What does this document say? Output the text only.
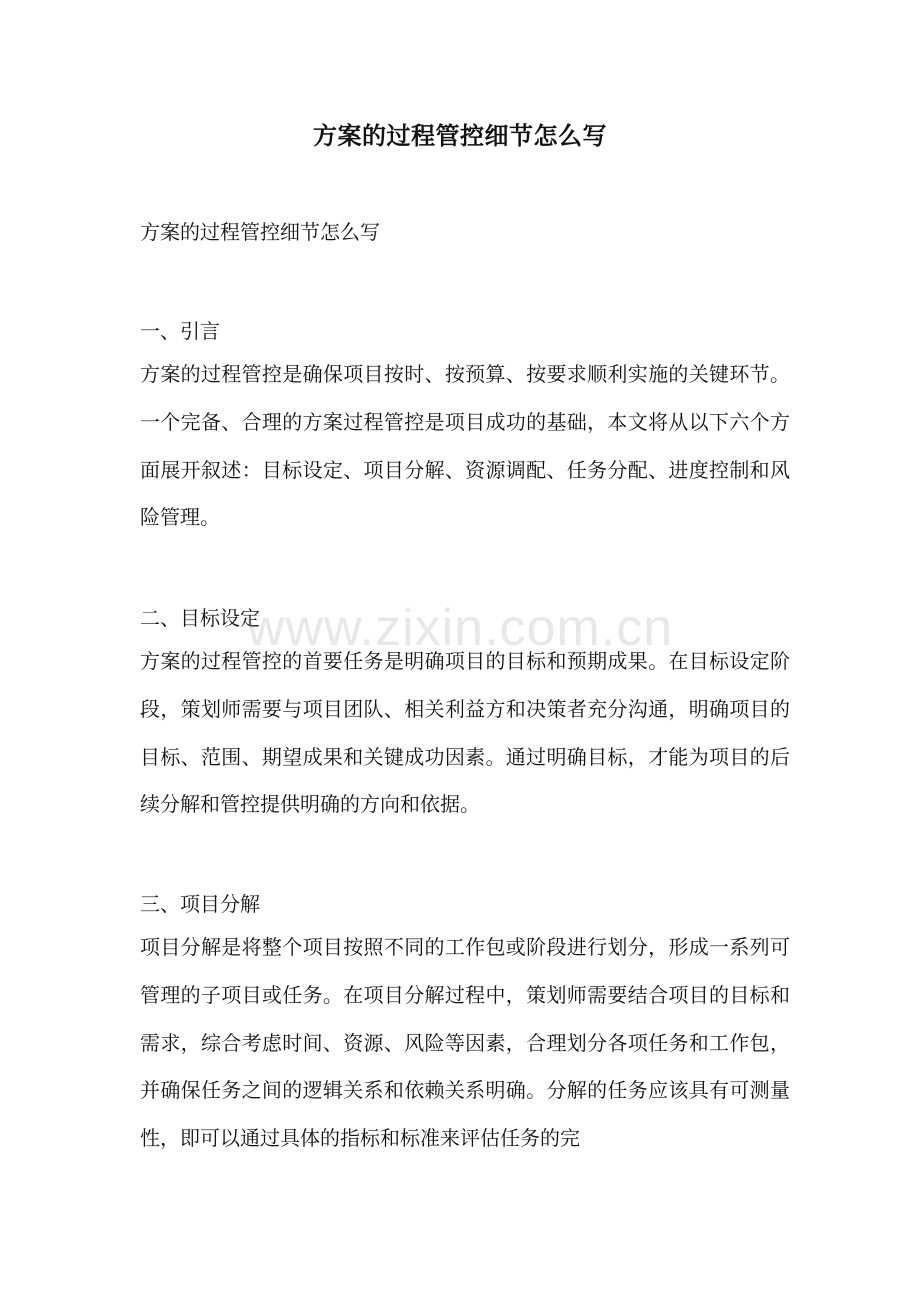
方案的过程管控细节怎么写
方案的过程管控细节怎么写
一、引言
方案的过程管控是确保项目按时、按预算、按要求顺利实施的关键环节。一个完备、合理的方案过程管控是项目成功的基础，本文将从以下六个方面展开叙述：目标设定、项目分解、资源调配、任务分配、进度控制和风险管理。
二、目标设定
方案的过程管控的首要任务是明确项目的目标和预期成果。在目标设定阶段，策划师需要与项目团队、相关利益方和决策者充分沟通，明确项目的目标、范围、期望成果和关键成功因素。通过明确目标，才能为项目的后续分解和管控提供明确的方向和依据。
三、项目分解
项目分解是将整个项目按照不同的工作包或阶段进行划分，形成一系列可管理的子项目或任务。在项目分解过程中，策划师需要结合项目的目标和需求，综合考虑时间、资源、风险等因素，合理划分各项任务和工作包，并确保任务之间的逻辑关系和依赖关系明确。分解的任务应该具有可测量性，即可以通过具体的指标和标准来评估任务的完
www.zixin.com.cn
